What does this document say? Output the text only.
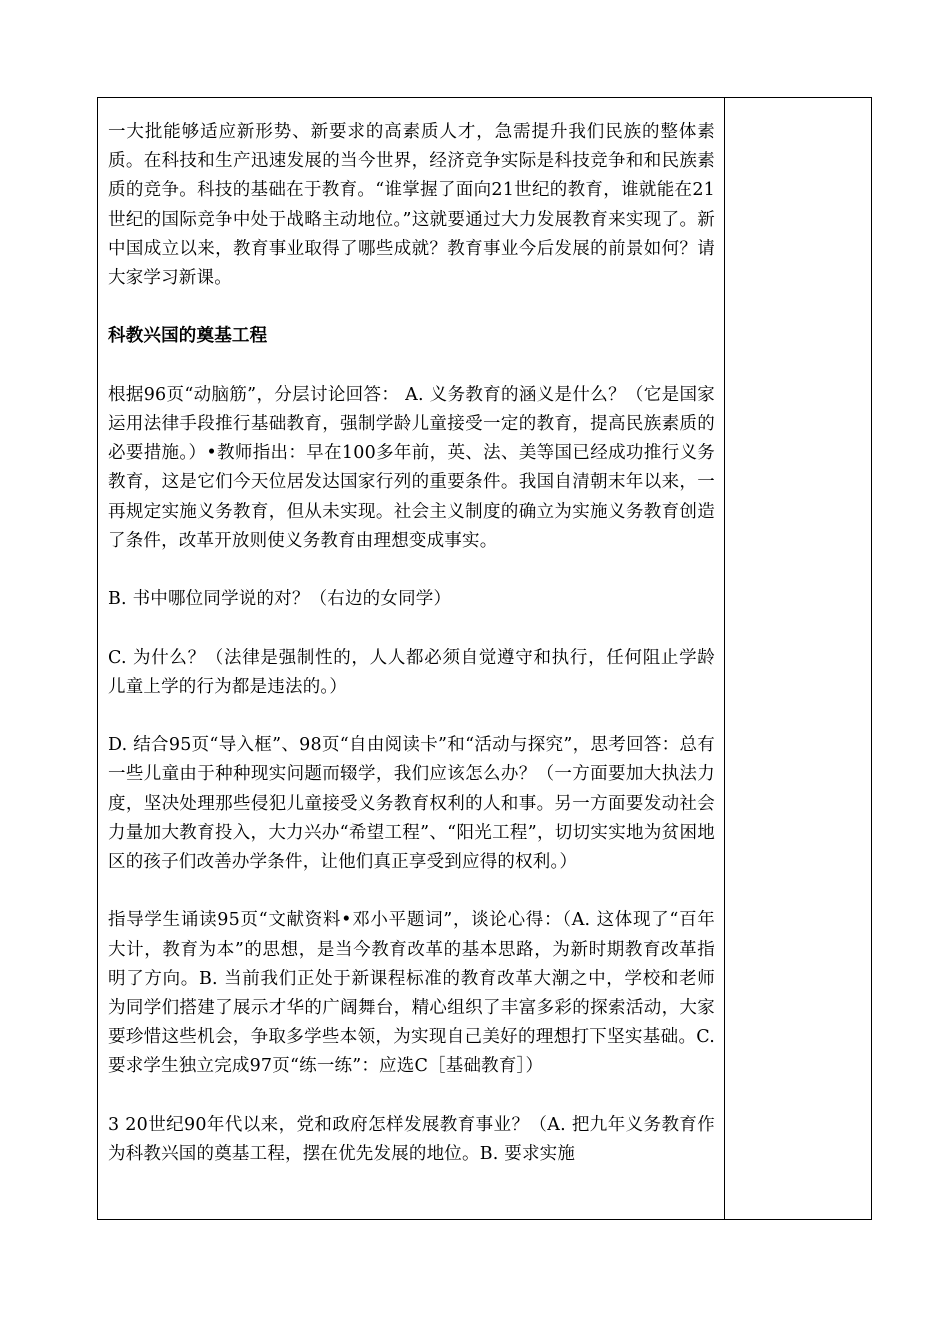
一大批能够适应新形势、新要求的高素质人才，急需提升我们民族的整体素质。在科技和生产迅速发展的当今世界，经济竞争实际是科技竞争和和民族素质的竞争。科技的基础在于教育。“谁掌握了面向21世纪的教育，谁就能在21世纪的国际竞争中处于战略主动地位。”这就要通过大力发展教育来实现了。新中国成立以来，教育事业取得了哪些成就？教育事业今后发展的前景如何？请大家学习新课。

科教兴国的奠基工程

根据96页“动脑筋”，分层讨论回答： A. 义务教育的涵义是什么？（它是国家运用法律手段推行基础教育，强制学龄儿童接受一定的教育，提高民族素质的必要措施。）•教师指出：早在100多年前，英、法、美等国已经成功推行义务教育，这是它们今天位居发达国家行列的重要条件。我国自清朝末年以来，一再规定实施义务教育，但从未实现。社会主义制度的确立为实施义务教育创造了条件，改革开放则使义务教育由理想变成事实。

B. 书中哪位同学说的对？（右边的女同学）

C. 为什么？（法律是强制性的，人人都必须自觉遵守和执行，任何阻止学龄儿童上学的行为都是违法的。）

D. 结合95页“导入框”、98页“自由阅读卡”和“活动与探究”，思考回答：总有一些儿童由于种种现实问题而辍学，我们应该怎么办？（一方面要加大执法力度，坚决处理那些侵犯儿童接受义务教育权利的人和事。另一方面要发动社会力量加大教育投入，大力兴办“希望工程”、“阳光工程”，切切实实地为贫困地区的孩子们改善办学条件，让他们真正享受到应得的权利。）

指导学生诵读95页“文献资料•邓小平题词”，谈论心得：（A. 这体现了“百年大计，教育为本”的思想，是当今教育改革的基本思路，为新时期教育改革指明了方向。B. 当前我们正处于新课程标准的教育改革大潮之中，学校和老师为同学们搭建了展示才华的广阔舞台，精心组织了丰富多彩的探索活动，大家要珍惜这些机会，争取多学些本领，为实现自己美好的理想打下坚实基础。C. 要求学生独立完成97页“练一练”：应选C［基础教育］）

3 20世纪90年代以来，党和政府怎样发展教育事业？（A. 把九年义务教育作为科教兴国的奠基工程，摆在优先发展的地位。B. 要求实施
